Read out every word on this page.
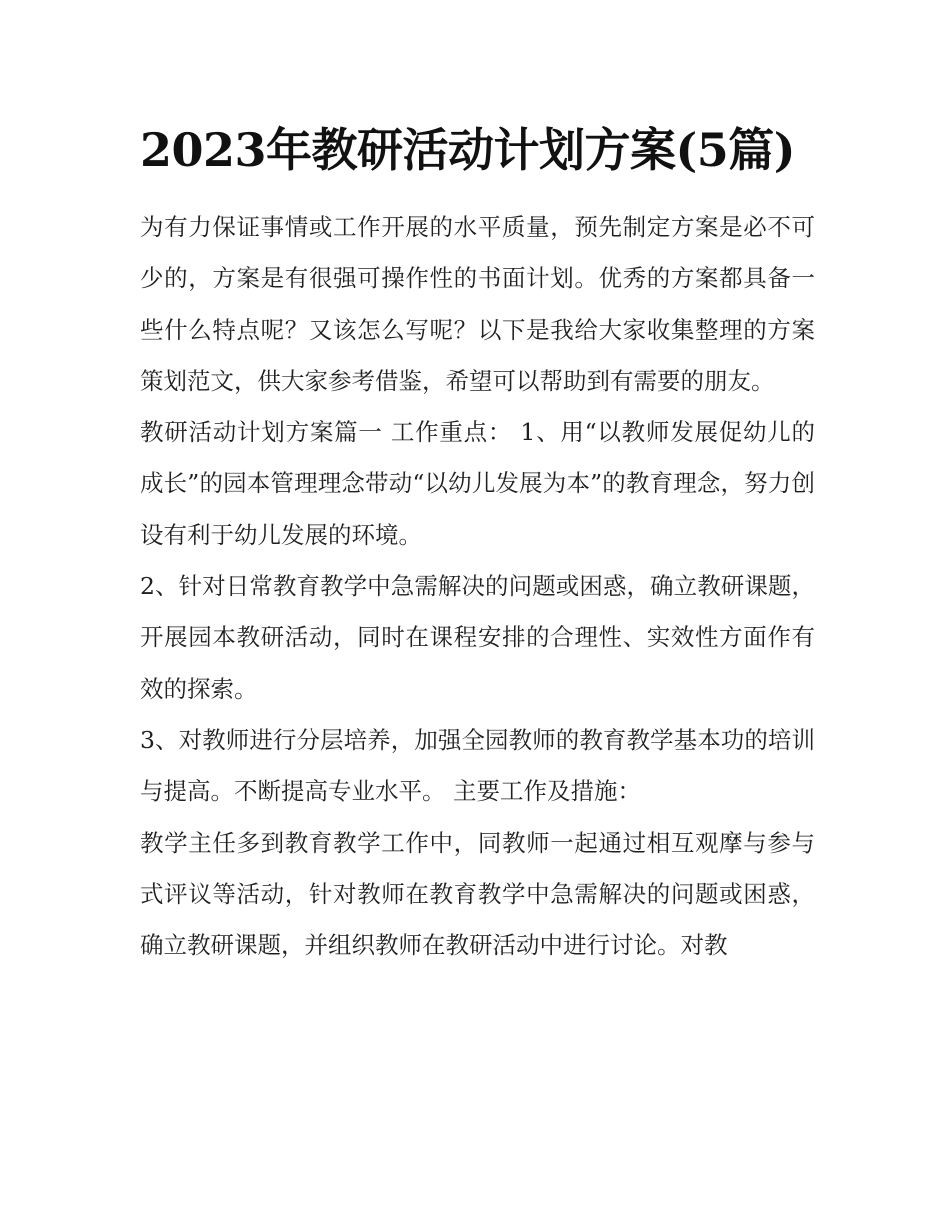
2023年教研活动计划方案(5篇)

为有力保证事情或工作开展的水平质量，预先制定方案是必不可少的，方案是有很强可操作性的书面计划。优秀的方案都具备一些什么特点呢？又该怎么写呢？以下是我给大家收集整理的方案策划范文，供大家参考借鉴，希望可以帮助到有需要的朋友。

教研活动计划方案篇一 工作重点： 1、用“以教师发展促幼儿的成长”的园本管理理念带动“以幼儿发展为本”的教育理念，努力创设有利于幼儿发展的环境。

2、针对日常教育教学中急需解决的问题或困惑，确立教研课题，开展园本教研活动，同时在课程安排的合理性、实效性方面作有效的探索。

3、对教师进行分层培养，加强全园教师的教育教学基本功的培训与提高。不断提高专业水平。 主要工作及措施：

教学主任多到教育教学工作中，同教师一起通过相互观摩与参与式评议等活动，针对教师在教育教学中急需解决的问题或困惑，确立教研课题，并组织教师在教研活动中进行讨论。对教
